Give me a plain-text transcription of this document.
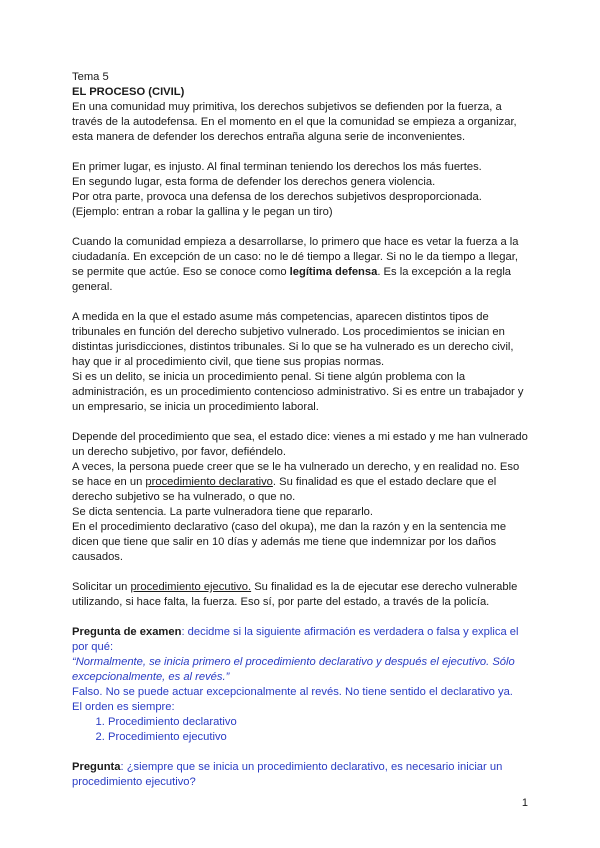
Tema 5
EL PROCESO (CIVIL)
En una comunidad muy primitiva, los derechos subjetivos se defienden por la fuerza, a
través de la autodefensa. En el momento en el que la comunidad se empieza a organizar,
esta manera de defender los derechos entraña alguna serie de inconvenientes.
En primer lugar, es injusto. Al final terminan teniendo los derechos los más fuertes.
En segundo lugar, esta forma de defender los derechos genera violencia.
Por otra parte, provoca una defensa de los derechos subjetivos desproporcionada.
(Ejemplo: entran a robar la gallina y le pegan un tiro)
Cuando la comunidad empieza a desarrollarse, lo primero que hace es vetar la fuerza a la
ciudadanía. En excepción de un caso: no le dé tiempo a llegar. Si no le da tiempo a llegar,
se permite que actúe. Eso se conoce como legítima defensa. Es la excepción a la regla
general.
A medida en la que el estado asume más competencias, aparecen distintos tipos de
tribunales en función del derecho subjetivo vulnerado. Los procedimientos se inician en
distintas jurisdicciones, distintos tribunales. Si lo que se ha vulnerado es un derecho civil,
hay que ir al procedimiento civil, que tiene sus propias normas.
Si es un delito, se inicia un procedimiento penal. Si tiene algún problema con la
administración, es un procedimiento contencioso administrativo. Si es entre un trabajador y
un empresario, se inicia un procedimiento laboral.
Depende del procedimiento que sea, el estado dice: vienes a mi estado y me han vulnerado
un derecho subjetivo, por favor, defiéndelo.
A veces, la persona puede creer que se le ha vulnerado un derecho, y en realidad no. Eso
se hace en un procedimiento declarativo. Su finalidad es que el estado declare que el
derecho subjetivo se ha vulnerado, o que no.
Se dicta sentencia. La parte vulneradora tiene que repararlo.
En el procedimiento declarativo (caso del okupa), me dan la razón y en la sentencia me
dicen que tiene que salir en 10 días y además me tiene que indemnizar por los daños
causados.
Solicitar un procedimiento ejecutivo. Su finalidad es la de ejecutar ese derecho vulnerable
utilizando, si hace falta, la fuerza. Eso sí, por parte del estado, a través de la policía.
Pregunta de examen: decidme si la siguiente afirmación es verdadera o falsa y explica el
por qué:
“Normalmente, se inicia primero el procedimiento declarativo y después el ejecutivo. Sólo
excepcionalmente, es al revés.”
Falso. No se puede actuar excepcionalmente al revés. No tiene sentido el declarativo ya.
El orden es siempre:
1. Procedimiento declarativo
2. Procedimiento ejecutivo
Pregunta: ¿siempre que se inicia un procedimiento declarativo, es necesario iniciar un
procedimiento ejecutivo?
1
